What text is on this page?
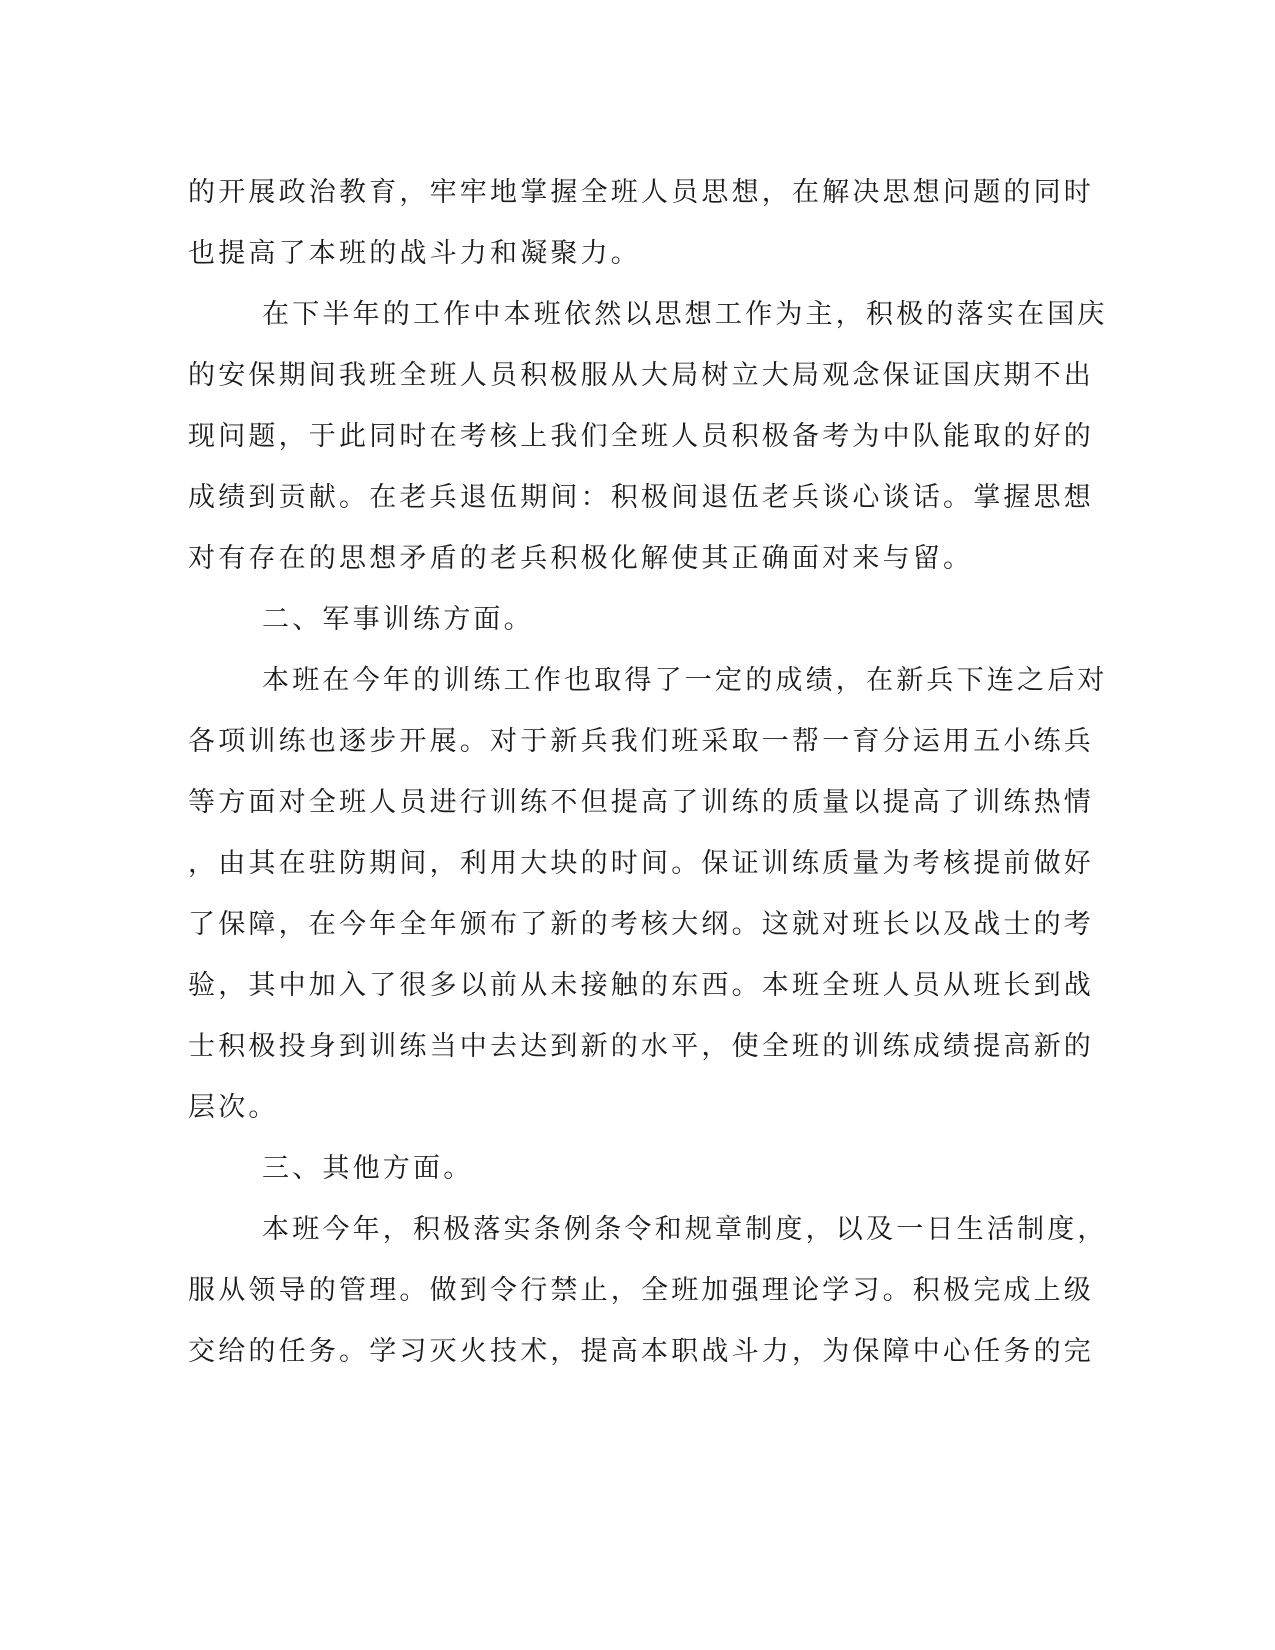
的开展政治教育，牢牢地掌握全班人员思想，在解决思想问题的同时
也提高了本班的战斗力和凝聚力。
在下半年的工作中本班依然以思想工作为主，积极的落实在国庆
的安保期间我班全班人员积极服从大局树立大局观念保证国庆期不出
现问题，于此同时在考核上我们全班人员积极备考为中队能取的好的
成绩到贡献。在老兵退伍期间：积极间退伍老兵谈心谈话。掌握思想
对有存在的思想矛盾的老兵积极化解使其正确面对来与留。
二、军事训练方面。
本班在今年的训练工作也取得了一定的成绩，在新兵下连之后对
各项训练也逐步开展。对于新兵我们班采取一帮一育分运用五小练兵
等方面对全班人员进行训练不但提高了训练的质量以提高了训练热情
，由其在驻防期间，利用大块的时间。保证训练质量为考核提前做好
了保障，在今年全年颁布了新的考核大纲。这就对班长以及战士的考
验，其中加入了很多以前从未接触的东西。本班全班人员从班长到战
士积极投身到训练当中去达到新的水平，使全班的训练成绩提高新的
层次。
三、其他方面。
本班今年，积极落实条例条令和规章制度，以及一日生活制度，
服从领导的管理。做到令行禁止，全班加强理论学习。积极完成上级
交给的任务。学习灭火技术，提高本职战斗力，为保障中心任务的完
